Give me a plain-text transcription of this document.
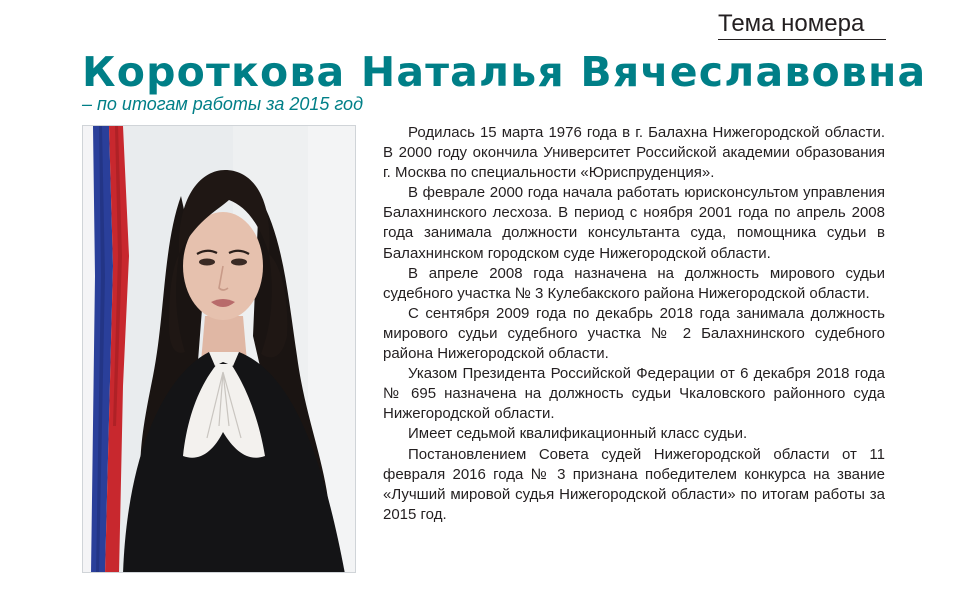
Тема номера
Короткова Наталья Вячеславовна
– по итогам работы за 2015 год

Родилась 15 марта 1976 года в г. Балахна Нижегородской области. В 2000 году окончила Университет Российской академии образования г. Москва по специальности «Юриспруденция».

В феврале 2000 года начала работать юрисконсультом управления Балахнинского лесхоза. В период с ноября 2001 года по апрель 2008 года занимала должности консультанта суда, помощника судьи в Балахнинском городском суде Нижегородской области.

В апреле 2008 года назначена на должность мирового судьи судебного участка № 3 Кулебакского района Нижегородской области.

С сентября 2009 года по декабрь 2018 года занимала должность мирового судьи судебного участка № 2 Балахнинского судебного района Нижегородской области.

Указом Президента Российской Федерации от 6 декабря 2018 года № 695 назначена на должность судьи Чкаловского районного суда Нижегородской области.

Имеет седьмой квалификационный класс судьи.

Постановлением Совета судей Нижегородской области от 11 февраля 2016 года № 3 признана победителем конкурса на звание «Лучший мировой судья Нижегородской области» по итогам работы за 2015 год.
